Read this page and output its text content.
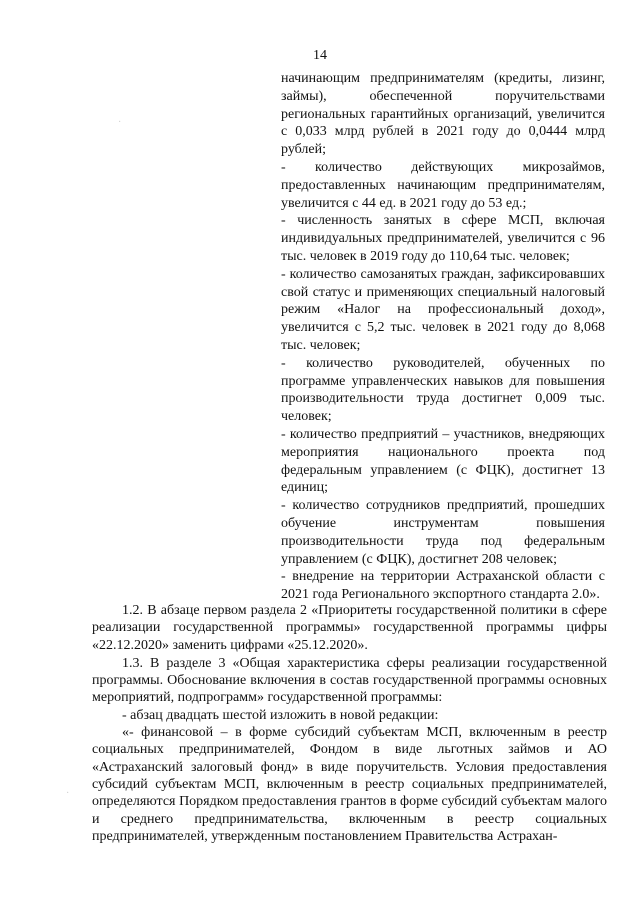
14

начинающим предпринимателям (кредиты, лизинг, займы), обеспеченной поручительствами региональных гарантийных организаций, увеличится с 0,033 млрд рублей в 2021 году до 0,0444 млрд рублей;

- количество действующих микрозаймов, предоставленных начинающим предпринимателям, увеличится с 44 ед. в 2021 году до 53 ед.;

- численность занятых в сфере МСП, включая индивидуальных предпринимателей, увеличится с 96 тыс. человек в 2019 году до 110,64 тыс. человек;

- количество самозанятых граждан, зафиксировавших свой статус и применяющих специальный налоговый режим «Налог на профессиональный доход», увеличится с 5,2 тыс. человек в 2021 году до 8,068 тыс. человек;

- количество руководителей, обученных по программе управленческих навыков для повышения производительности труда достигнет 0,009 тыс. человек;

- количество предприятий – участников, внедряющих мероприятия национального проекта под федеральным управлением (с ФЦК), достигнет 13 единиц;

- количество сотрудников предприятий, прошедших обучение инструментам повышения производительности труда под федеральным управлением (с ФЦК), достигнет 208 человек;

- внедрение на территории Астраханской области с 2021 года Регионального экспортного стандарта 2.0».

1.2. В абзаце первом раздела 2 «Приоритеты государственной политики в сфере реализации государственной программы» государственной программы цифры «22.12.2020» заменить цифрами «25.12.2020».

1.3. В разделе 3 «Общая характеристика сферы реализации государственной программы. Обоснование включения в состав государственной программы основных мероприятий, подпрограмм» государственной программы:

- абзац двадцать шестой изложить в новой редакции:

«- финансовой – в форме субсидий субъектам МСП, включенным в реестр социальных предпринимателей, Фондом в виде льготных займов и АО «Астраханский залоговый фонд» в виде поручительств. Условия предоставления субсидий субъектам МСП, включенным в реестр социальных предпринимателей, определяются Порядком предоставления грантов в форме субсидий субъектам малого и среднего предпринимательства, включенным в реестр социальных предпринимателей, утвержденным постановлением Правительства Астрахан-

·
·
